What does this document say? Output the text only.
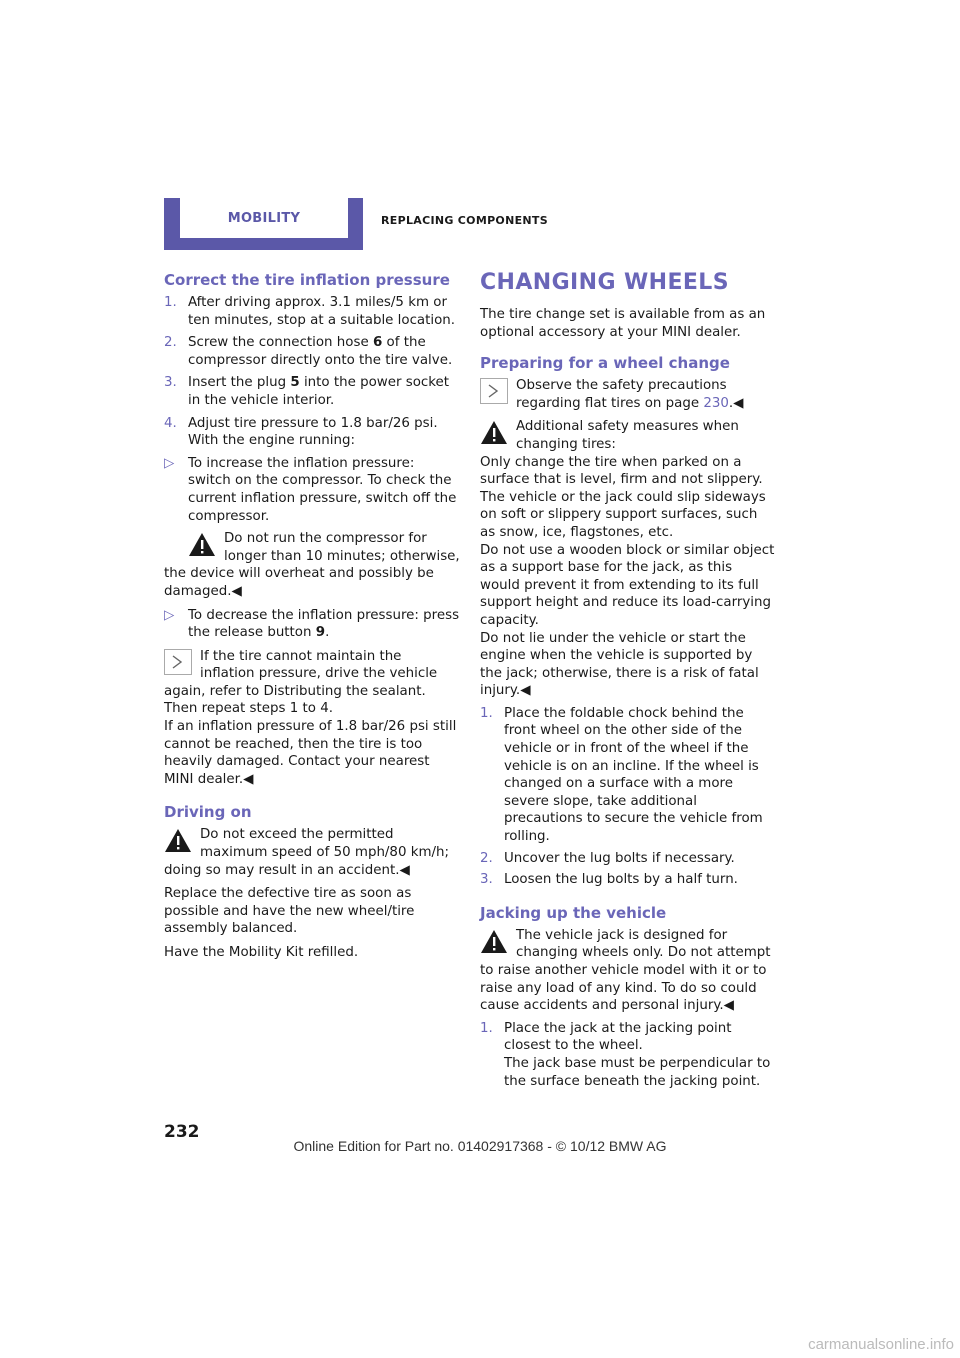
MOBILITY	REPLACING COMPONENTS
Correct the tire inflation pressure
1. After driving approx. 3.1 miles/5 km or ten minutes, stop at a suitable location.
2. Screw the connection hose 6 of the compressor directly onto the tire valve.
3. Insert the plug 5 into the power socket in the vehicle interior.
4. Adjust tire pressure to 1.8 bar/26 psi. With the engine running:
▷ To increase the inflation pressure: switch on the compressor. To check the current inflation pressure, switch off the compressor.
Do not run the compressor for longer than 10 minutes; otherwise, the device will overheat and possibly be damaged.◀
▷ To decrease the inflation pressure: press the release button 9.
If the tire cannot maintain the inflation pressure, drive the vehicle again, refer to Distributing the sealant. Then repeat steps 1 to 4.
If an inflation pressure of 1.8 bar/26 psi still cannot be reached, then the tire is too heavily damaged. Contact your nearest MINI dealer.◀
Driving on
Do not exceed the permitted maximum speed of 50 mph/80 km/h; doing so may result in an accident.◀

Replace the defective tire as soon as possible and have the new wheel/tire assembly balanced.

Have the Mobility Kit refilled.

CHANGING WHEELS

The tire change set is available from as an optional accessory at your MINI dealer.

Preparing for a wheel change
Observe the safety precautions regarding flat tires on page 230.◀
Additional safety measures when changing tires:
Only change the tire when parked on a surface that is level, firm and not slippery.
The vehicle or the jack could slip sideways on soft or slippery support surfaces, such as snow, ice, flagstones, etc.
Do not use a wooden block or similar object as a support base for the jack, as this would prevent it from extending to its full support height and reduce its load-carrying capacity.
Do not lie under the vehicle or start the engine when the vehicle is supported by the jack; otherwise, there is a risk of fatal injury.◀
1. Place the foldable chock behind the front wheel on the other side of the vehicle or in front of the wheel if the vehicle is on an incline. If the wheel is changed on a surface with a more severe slope, take additional precautions to secure the vehicle from rolling.
2. Uncover the lug bolts if necessary.
3. Loosen the lug bolts by a half turn.
Jacking up the vehicle
The vehicle jack is designed for changing wheels only. Do not attempt to raise another vehicle model with it or to raise any load of any kind. To do so could cause accidents and personal injury.◀
1. Place the jack at the jacking point closest to the wheel.
The jack base must be perpendicular to the surface beneath the jacking point.
232
Online Edition for Part no. 01402917368 - © 10/12 BMW AG
carmanualsonline.info
